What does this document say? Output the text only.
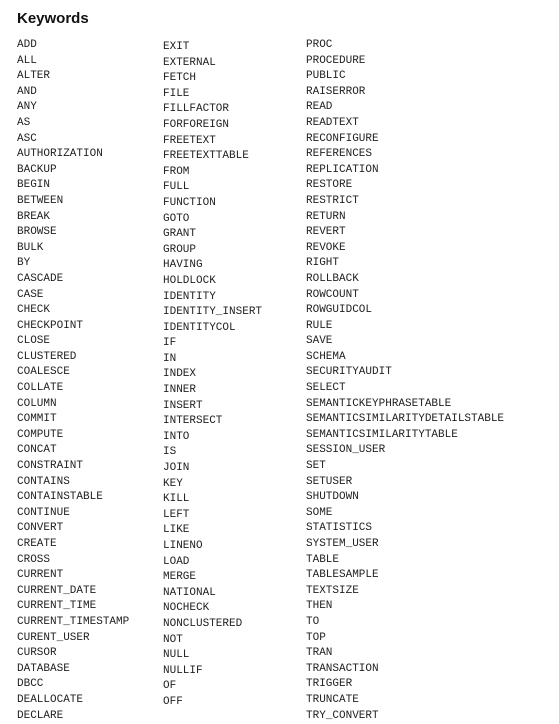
Keywords
ADD
ALL
ALTER
AND
ANY
AS
ASC
AUTHORIZATION
BACKUP
BEGIN
BETWEEN
BREAK
BROWSE
BULK
BY
CASCADE
CASE
CHECK
CHECKPOINT
CLOSE
CLUSTERED
COALESCE
COLLATE
COLUMN
COMMIT
COMPUTE
CONCAT
CONSTRAINT
CONTAINS
CONTAINSTABLE
CONTINUE
CONVERT
CREATE
CROSS
CURRENT
CURRENT_DATE
CURRENT_TIME
CURRENT_TIMESTAMP
CURENT_USER
CURSOR
DATABASE
DBCC
DEALLOCATE
DECLARE
EXIT
EXTERNAL
FETCH
FILE
FILLFACTOR
FORFOREIGN
FREETEXT
FREETEXTTABLE
FROM
FULL
FUNCTION
GOTO
GRANT
GROUP
HAVING
HOLDLOCK
IDENTITY
IDENTITY_INSERT
IDENTITYCOL
IF
IN
INDEX
INNER
INSERT
INTERSECT
INTO
IS
JOIN
KEY
KILL
LEFT
LIKE
LINENO
LOAD
MERGE
NATIONAL
NOCHECK
NONCLUSTERED
NOT
NULL
NULLIF
OF
OFF
PROC
PROCEDURE
PUBLIC
RAISERROR
READ
READTEXT
RECONFIGURE
REFERENCES
REPLICATION
RESTORE
RESTRICT
RETURN
REVERT
REVOKE
RIGHT
ROLLBACK
ROWCOUNT
ROWGUIDCOL
RULE
SAVE
SCHEMA
SECURITYAUDIT
SELECT
SEMANTICKEYPHRASETABLE
SEMANTICSIMILARITYDETAILSTABLE
SEMANTICSIMILARITYTABLE
SESSION_USER
SET
SETUSER
SHUTDOWN
SOME
STATISTICS
SYSTEM_USER
TABLE
TABLESAMPLE
TEXTSIZE
THEN
TO
TOP
TRAN
TRANSACTION
TRIGGER
TRUNCATE
TRY_CONVERT
